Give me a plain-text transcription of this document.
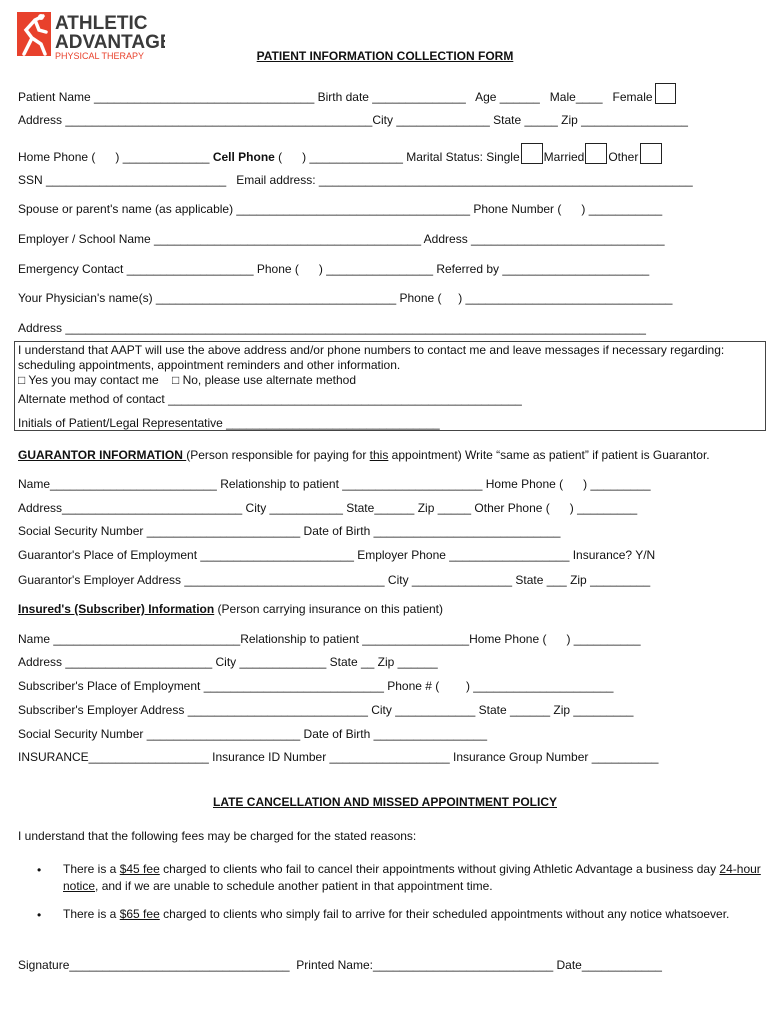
ATHLETIC
ADVANTAGE
PHYSICAL THERAPY	PATIENT INFORMATION COLLECTION FORM
Patient Name _________________________________ Birth date ______________   Age ______   Male____   Female
Address ______________________________________________City ______________ State _____ Zip ________________
Home Phone (      ) _____________ Cell Phone (      ) ______________ Marital Status: Single Married Other
SSN ___________________________   Email address: ________________________________________________________
Spouse or parent's name (as applicable) ___________________________________ Phone Number (      ) ___________
Employer / School Name ________________________________________ Address _____________________________
Emergency Contact ___________________ Phone (      ) ________________ Referred by ______________________
Your Physician's name(s) ____________________________________ Phone (     ) _______________________________
Address _______________________________________________________________________________________
I understand that AAPT will use the above address and/or phone numbers to contact me and leave messages if necessary regarding:
scheduling appointments, appointment reminders and other information.
□ Yes you may contact me    □ No, please use alternate method
Alternate method of contact _____________________________________________________
Initials of Patient/Legal Representative ________________________________
GUARANTOR INFORMATION (Person responsible for paying for this appointment) Write “same as patient” if patient is Guarantor.
Name_________________________ Relationship to patient _____________________ Home Phone (      ) _________
Address___________________________ City ___________ State______ Zip _____ Other Phone (      ) _________
Social Security Number _______________________ Date of Birth ____________________________
Guarantor's Place of Employment _______________________ Employer Phone __________________ Insurance? Y/N
Guarantor's Employer Address ______________________________ City _______________ State ___ Zip _________
Insured's (Subscriber) Information (Person carrying insurance on this patient)
Name ____________________________Relationship to patient ________________Home Phone (      ) __________
Address ______________________ City _____________ State __ Zip ______
Subscriber's Place of Employment ___________________________ Phone # (        ) _____________________
Subscriber's Employer Address ___________________________ City ____________ State ______ Zip _________
Social Security Number _______________________ Date of Birth _________________
INSURANCE__________________ Insurance ID Number __________________ Insurance Group Number __________
LATE CANCELLATION AND MISSED APPOINTMENT POLICY
I understand that the following fees may be charged for the stated reasons:
• There is a $45 fee charged to clients who fail to cancel their appointments without giving Athletic Advantage a business day 24-hour notice, and if we are unable to schedule another patient in that appointment time.
• There is a $65 fee charged to clients who simply fail to arrive for their scheduled appointments without any notice whatsoever.
Signature_________________________________  Printed Name:___________________________ Date____________
